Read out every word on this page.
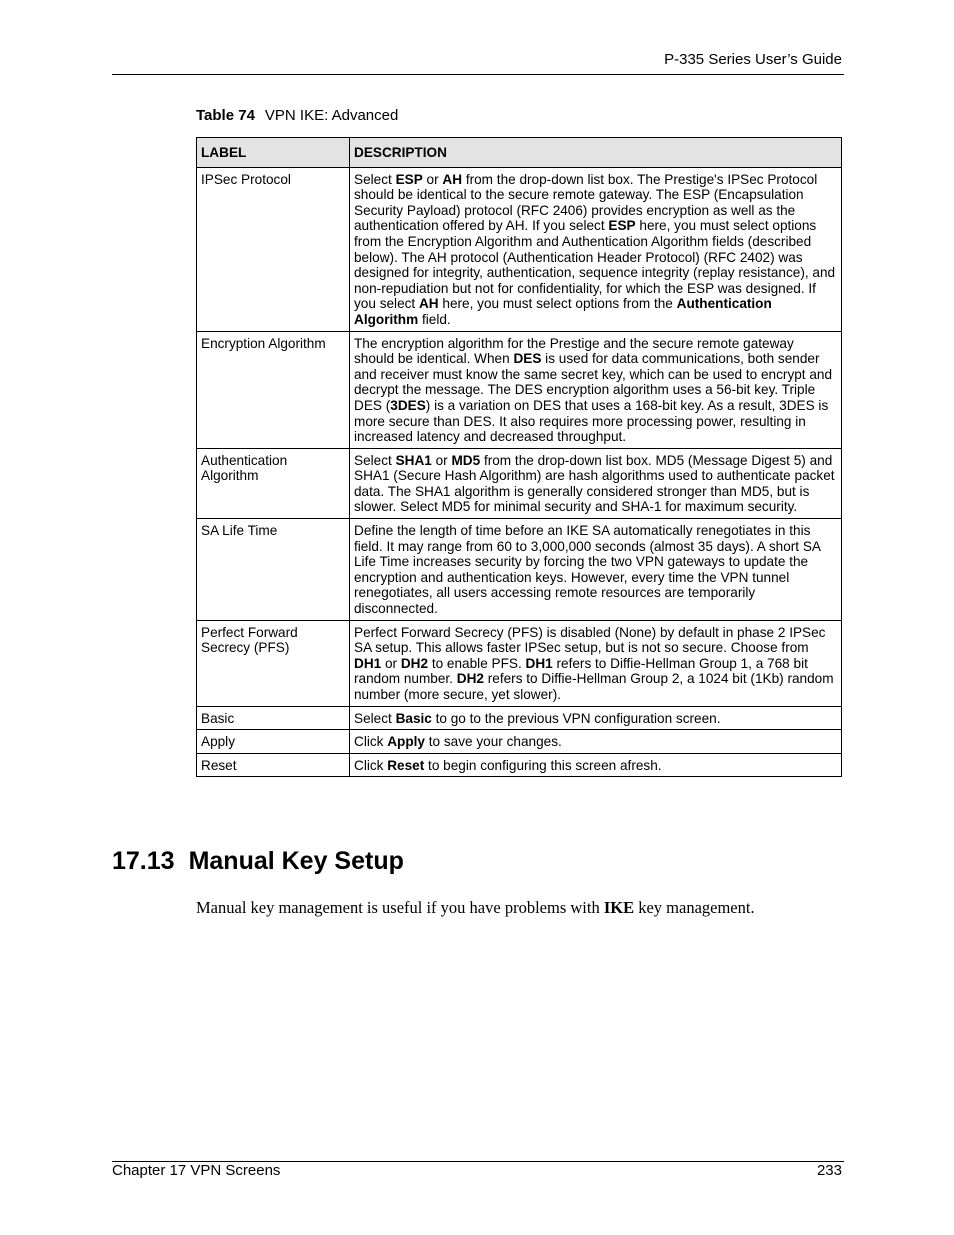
P-335 Series User’s Guide
Table 74 VPN IKE: Advanced
LABEL	DESCRIPTION
IPSec Protocol	Select ESP or AH from the drop-down list box. The Prestige's IPSec Protocol should be identical to the secure remote gateway. The ESP (Encapsulation Security Payload) protocol (RFC 2406) provides encryption as well as the authentication offered by AH. If you select ESP here, you must select options from the Encryption Algorithm and Authentication Algorithm fields (described below). The AH protocol (Authentication Header Protocol) (RFC 2402) was designed for integrity, authentication, sequence integrity (replay resistance), and non-repudiation but not for confidentiality, for which the ESP was designed. If you select AH here, you must select options from the Authentication Algorithm field.
Encryption Algorithm	The encryption algorithm for the Prestige and the secure remote gateway should be identical. When DES is used for data communications, both sender and receiver must know the same secret key, which can be used to encrypt and decrypt the message. The DES encryption algorithm uses a 56-bit key. Triple DES (3DES) is a variation on DES that uses a 168-bit key. As a result, 3DES is more secure than DES. It also requires more processing power, resulting in increased latency and decreased throughput.
Authentication Algorithm	Select SHA1 or MD5 from the drop-down list box. MD5 (Message Digest 5) and SHA1 (Secure Hash Algorithm) are hash algorithms used to authenticate packet data. The SHA1 algorithm is generally considered stronger than MD5, but is slower. Select MD5 for minimal security and SHA-1 for maximum security.
SA Life Time	Define the length of time before an IKE SA automatically renegotiates in this field. It may range from 60 to 3,000,000 seconds (almost 35 days). A short SA Life Time increases security by forcing the two VPN gateways to update the encryption and authentication keys. However, every time the VPN tunnel renegotiates, all users accessing remote resources are temporarily disconnected.
Perfect Forward Secrecy (PFS)	Perfect Forward Secrecy (PFS) is disabled (None) by default in phase 2 IPSec SA setup. This allows faster IPSec setup, but is not so secure. Choose from DH1 or DH2 to enable PFS. DH1 refers to Diffie-Hellman Group 1, a 768 bit random number. DH2 refers to Diffie-Hellman Group 2, a 1024 bit (1Kb) random number (more secure, yet slower).
Basic	Select Basic to go to the previous VPN configuration screen.
Apply	Click Apply to save your changes.
Reset	Click Reset to begin configuring this screen afresh.
17.13 Manual Key Setup

Manual key management is useful if you have problems with IKE key management.

Chapter 17 VPN Screens	233
